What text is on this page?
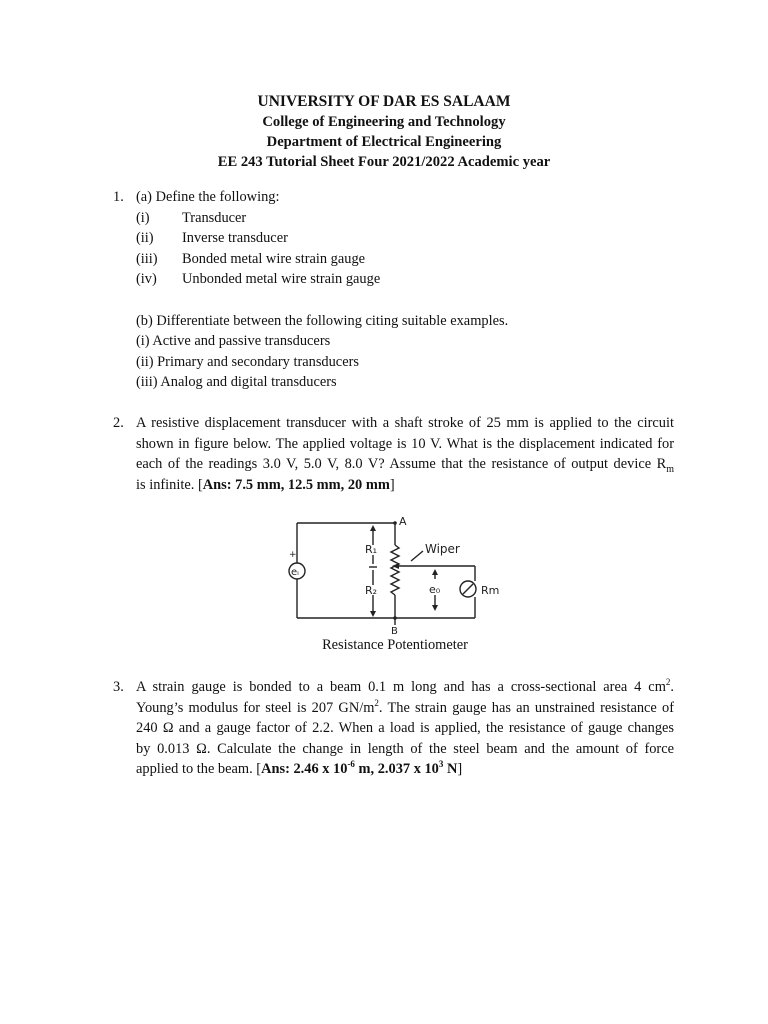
UNIVERSITY OF DAR ES SALAAM
College of Engineering and Technology
Department of Electrical Engineering
EE 243 Tutorial Sheet Four 2021/2022 Academic year
1. (a) Define the following:
(i) Transducer
(ii) Inverse transducer
(iii) Bonded metal wire strain gauge
(iv) Unbonded metal wire strain gauge
(b) Differentiate between the following citing suitable examples.
(i) Active and passive transducers
(ii) Primary and secondary transducers
(iii) Analog and digital transducers
2. A resistive displacement transducer with a shaft stroke of 25 mm is applied to the circuit
shown in figure below. The applied voltage is 10 V. What is the displacement indicated for
each of the readings 3.0 V, 5.0 V, 8.0 V? Assume that the resistance of output device $R_m$
is infinite. [Ans: 7.5 mm, 12.5 mm, 20 mm]
A
B
R₁
R₂
Wiper
eᵢ
e₀	Rm
+
Resistance Potentiometer
3. A strain gauge is bonded to a beam 0.1 m long and has a cross-sectional area 4 $cm^2$.
Young’s modulus for steel is 207 $GN/m^2$. The strain gauge has an unstrained resistance of
240 Ω and a gauge factor of 2.2. When a load is applied, the resistance of gauge changes
by 0.013 Ω. Calculate the change in length of the steel beam and the amount of force
applied to the beam. [Ans: 2.46 x $10^{-6}$ m, 2.037 x $10^3$ N]
